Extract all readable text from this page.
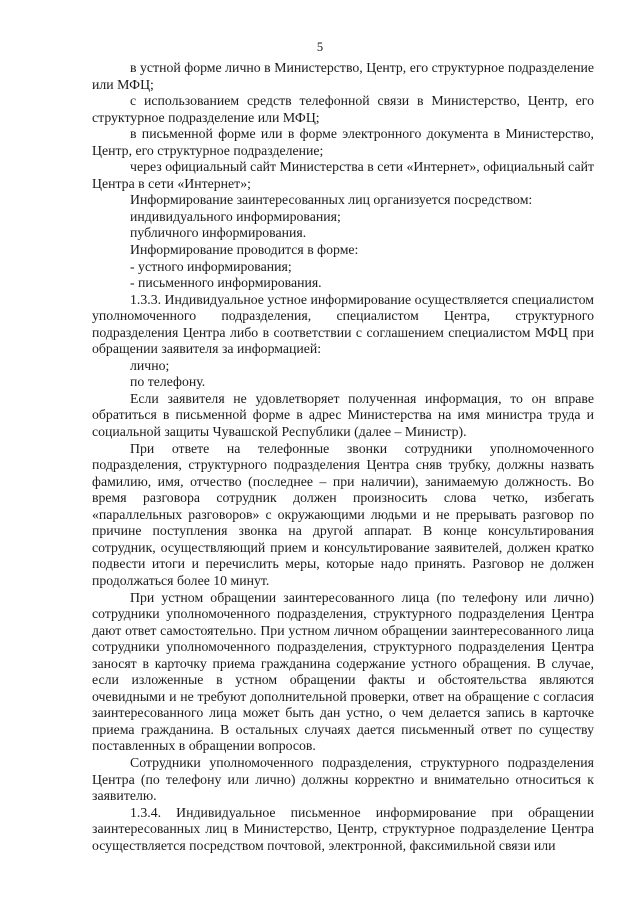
5

в устной форме лично в Министерство, Центр, его структурное подразделение или МФЦ;

с использованием средств телефонной связи в Министерство, Центр, его структурное подразделение или МФЦ;

в письменной форме или в форме электронного документа в Министерство, Центр, его структурное подразделение;

через официальный сайт Министерства в сети «Интернет», официальный сайт Центра в сети «Интернет»;

Информирование заинтересованных лиц организуется посредством:

индивидуального информирования;

публичного информирования.

Информирование проводится в форме:

- устного информирования;

- письменного информирования.

1.3.3. Индивидуальное устное информирование осуществляется специалистом уполномоченного подразделения, специалистом Центра, структурного подразделения Центра либо в соответствии с соглашением специалистом МФЦ при обращении заявителя за информацией:

лично;

по телефону.

Если заявителя не удовлетворяет полученная информация, то он вправе обратиться в письменной форме в адрес Министерства на имя министра труда и социальной защиты Чувашской Республики (далее – Министр).

При ответе на телефонные звонки сотрудники уполномоченного подразделения, структурного подразделения Центра сняв трубку, должны назвать фамилию, имя, отчество (последнее – при наличии), занимаемую должность. Во время разговора сотрудник должен произносить слова четко, избегать «параллельных разговоров» с окружающими людьми и не прерывать разговор по причине поступления звонка на другой аппарат. В конце консультирования сотрудник, осуществляющий прием и консультирование заявителей, должен кратко подвести итоги и перечислить меры, которые надо принять. Разговор не должен продолжаться более 10 минут.

При устном обращении заинтересованного лица (по телефону или лично) сотрудники уполномоченного подразделения, структурного подразделения Центра дают ответ самостоятельно. При устном личном обращении заинтересованного лица сотрудники уполномоченного подразделения, структурного подразделения Центра заносят в карточку приема гражданина содержание устного обращения. В случае, если изложенные в устном обращении факты и обстоятельства являются очевидными и не требуют дополнительной проверки, ответ на обращение с согласия заинтересованного лица может быть дан устно, о чем делается запись в карточке приема гражданина. В остальных случаях дается письменный ответ по существу поставленных в обращении вопросов.

Сотрудники уполномоченного подразделения, структурного подразделения Центра (по телефону или лично) должны корректно и внимательно относиться к заявителю.

1.3.4. Индивидуальное письменное информирование при обращении заинтересованных лиц в Министерство, Центр, структурное подразделение Центра осуществляется посредством почтовой, электронной, факсимильной связи или
